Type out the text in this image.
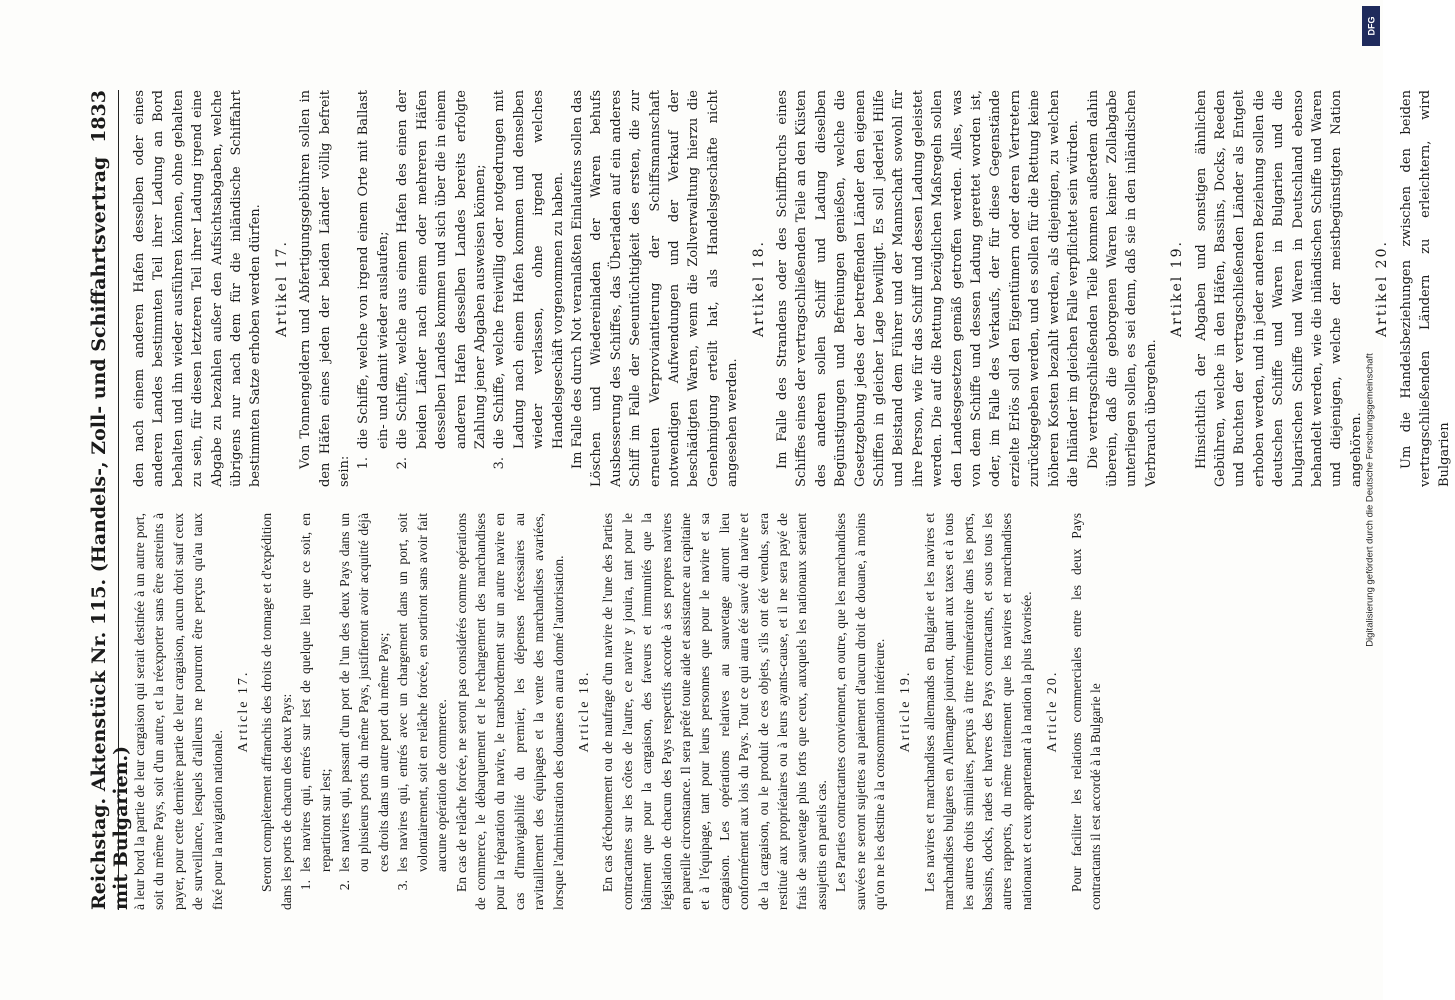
Reichstag. Aktenstück Nr. 115. (Handels-, Zoll- und Schiffahrtsvertrag mit Bulgarien.)
1833

à leur bord la partie de leur cargaison qui serait destinée à un autre port, soit du même Pays, soit d'un autre, et la réexporter sans être astreints à payer, pour cette dernière partie de leur cargaison, aucun droit sauf ceux de surveillance, lesquels d'ailleurs ne pourront être perçus qu'au taux fixé pour la navigation nationale.

Article 17. Seront complètement affranchis des droits de tonnage et d'expédition dans les ports de chacun des deux Pays: 1.
les navires qui, entrés sur lest de quelque lieu que ce soit, en repartiront sur lest;
2.
les navires qui, passant d'un port de l'un des deux Pays dans un ou plusieurs ports du même Pays, justifieront avoir acquitté déjà ces droits dans un autre port du même Pays;
3.
les navires qui, entrés avec un chargement dans un port, soit volontairement, soit en relâche forcée, en sortiront sans avoir fait aucune opération de commerce. En cas de relâche forcée, ne seront pas considérés comme opérations de commerce, le débarquement et le rechargement des marchandises pour la réparation du navire, le transbordement sur un autre navire en cas d'innavigabilité du premier, les dépenses nécessaires au ravitaillement des équipages et la vente des marchandises avariées, lorsque l'administration des douanes en aura donné l'autorisation. Article 18. En cas d'échouement ou de naufrage d'un navire de l'une des Parties contractantes sur les côtes de l'autre, ce navire y jouira, tant pour le bâtiment que pour la cargaison, des faveurs et immunités que la législation de chacun des Pays respectifs accorde à ses propres navires en pareille circonstance. Il sera prêté toute aide et assistance au capitaine et à l'équipage, tant pour leurs personnes que pour le navire et sa cargaison. Les opérations relatives au sauvetage auront lieu conformément aux lois du Pays. Tout ce qui aura été sauvé du navire et de la cargaison, ou le produit de ces objets, s'ils ont été vendus, sera restitué aux propriétaires ou à leurs ayants-cause, et il ne sera payé de frais de sauvetage plus forts que ceux, auxquels les nationaux seraient assujettis en pareils cas. Les Parties contractantes conviennent, en outre, que les marchandises sauvées ne seront sujettes au paiement d'aucun droit de douane, à moins qu'on ne les destine à la consommation intérieure. Article 19. Les navires et marchandises allemands en Bulgarie et les navires et marchandises bulgares en Allemagne jouiront, quant aux taxes et à tous les autres droits similaires, perçus à titre rémunératoire dans les ports, bassins, docks, rades et havres des Pays contractants, et sous tous les autres rapports, du même traitement que les navires et marchandises nationaux et ceux appartenant à la nation la plus favorisée. Article 20. Pour faciliter les relations commerciales entre les deux Pays contractants il est accordé à la Bulgarie le

den nach einem anderen Hafen desselben oder eines anderen Landes bestimmten Teil ihrer Ladung an Bord behalten und ihn wieder ausführen können, ohne gehalten zu sein, für diesen letzteren Teil ihrer Ladung irgend eine Abgabe zu bezahlen außer den Aufsichtsabgaben, welche übrigens nur nach dem für die inländische Schiffahrt bestimmten Satze erhoben werden dürfen. Artikel 17. Von Tonnengeldern und Abfertigungsgebühren sollen in den Häfen eines jeden der beiden Länder völlig befreit sein: 1.
die Schiffe, welche von irgend einem Orte mit Ballast ein- und damit wieder auslaufen;
2.
die Schiffe, welche aus einem Hafen des einen der beiden Länder nach einem oder mehreren Häfen desselben Landes kommen und sich über die in einem anderen Hafen desselben Landes bereits erfolgte Zahlung jener Abgaben ausweisen können;
3.
die Schiffe, welche freiwillig oder notgedrungen mit Ladung nach einem Hafen kommen und denselben wieder verlassen, ohne irgend welches Handelsgeschäft vorgenommen zu haben. Im Falle des durch Not veranlaßten Einlaufens sollen das Löschen und Wiedereinladen der Waren behufs Ausbesserung des Schiffes, das Überladen auf ein anderes Schiff im Falle der Seeuntüchtigkeit des ersten, die zur erneuten Verproviantierung der Schiffsmannschaft notwendigen Aufwendungen und der Verkauf der beschädigten Waren, wenn die Zollverwaltung hierzu die Genehmigung erteilt hat, als Handelsgeschäfte nicht angesehen werden.

Artikel 18. Im Falle des Strandens oder des Schiffbruchs eines Schiffes eines der vertragschließenden Teile an den Küsten des anderen sollen Schiff und Ladung dieselben Begünstigungen und Befreiungen genießen, welche die Gesetzgebung jedes der betreffenden Länder den eigenen Schiffen in gleicher Lage bewilligt. Es soll jederlei Hilfe und Beistand dem Führer und der Mannschaft sowohl für ihre Person, wie für das Schiff und dessen Ladung geleistet werden. Die auf die Rettung bezüglichen Maßregeln sollen den Landesgesetzen gemäß getroffen werden. Alles, was von dem Schiffe und dessen Ladung gerettet worden ist, oder, im Falle des Verkaufs, der für diese Gegenstände erzielte Erlös soll den Eigentümern oder deren Vertretern zurückgegeben werden, und es sollen für die Rettung keine höheren Kosten bezahlt werden, als diejenigen, zu welchen die Inländer im gleichen Falle verpflichtet sein würden. Die vertragschließenden Teile kommen außerdem dahin überein, daß die geborgenen Waren keiner Zollabgabe unterliegen sollen, es sei denn, daß sie in den inländischen Verbrauch übergehen.

Artikel 19. Hinsichtlich der Abgaben und sonstigen ähnlichen Gebühren, welche in den Häfen, Bassins, Docks, Reeden und Buchten der vertragschließenden Länder als Entgelt erhoben werden, und in jeder anderen Beziehung sollen die deutschen Schiffe und Waren in Bulgarien und die bulgarischen Schiffe und Waren in Deutschland ebenso behandelt werden, wie die inländischen Schiffe und Waren und diejenigen, welche der meistbegünstigten Nation angehören.

Artikel 20. Um die Handelsbeziehungen zwischen den beiden vertragschließenden Ländern zu erleichtern, wird Bulgarien

DFG
Digitalisierung gefördert durch die Deutsche Forschungsgemeinschaft
